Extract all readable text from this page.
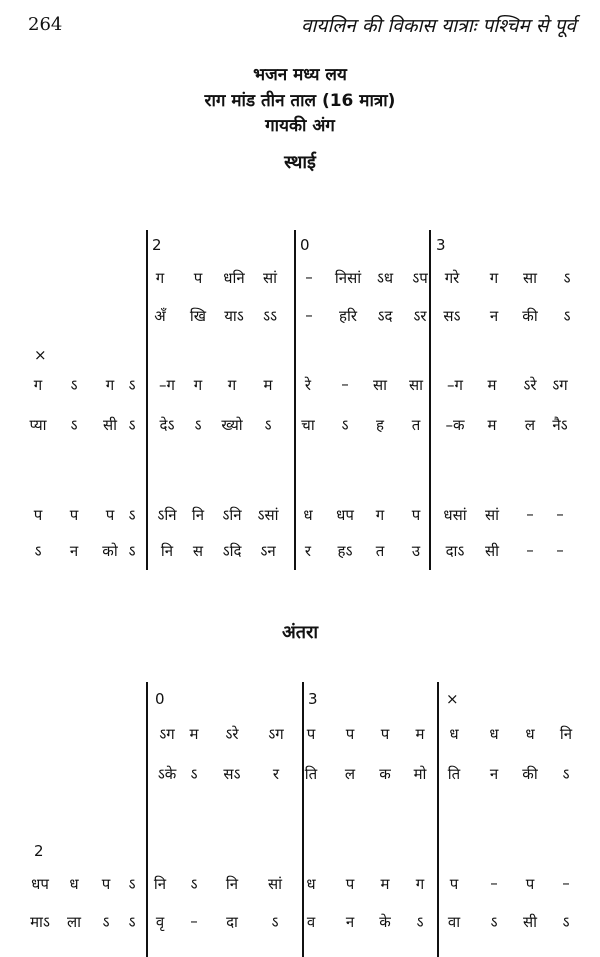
264	वायलिन की विकास यात्राः पश्चिम से पूर्व
भजन मध्य लय
राग मांड तीन ताल (16 मात्रा)
गायकी अंग
स्थाई
2	0	3
×
ग प धनि सां – निसां ऽध ऽप गरे ग सा ऽ
अँ खि याऽ ऽऽ – हरि ऽद ऽर सऽ न की ऽ
ग ऽ ग ऽ –ग ग ग म रे – सा सा –ग म ऽरे ऽग
प्या ऽ सी ऽ देऽ ऽ ख्यो ऽ चा ऽ ह त –क म ल नैऽ
प प प ऽ ऽनि नि ऽनि ऽसां ध धप ग प धसां सां – –
ऽ न को ऽ नि स ऽदि ऽन र हऽ त उ दाऽ सी – –
अंतरा
0	3	×
2
ऽग म ऽरे ऽग प प प म ध ध ध नि
ऽके ऽ सऽ र ति ल क मो ति न की ऽ
धप ध प ऽ नि ऽ नि सां ध प म ग प – प –
माऽ ला ऽ ऽ वृ – दा ऽ व न के ऽ वा ऽ सी ऽ
